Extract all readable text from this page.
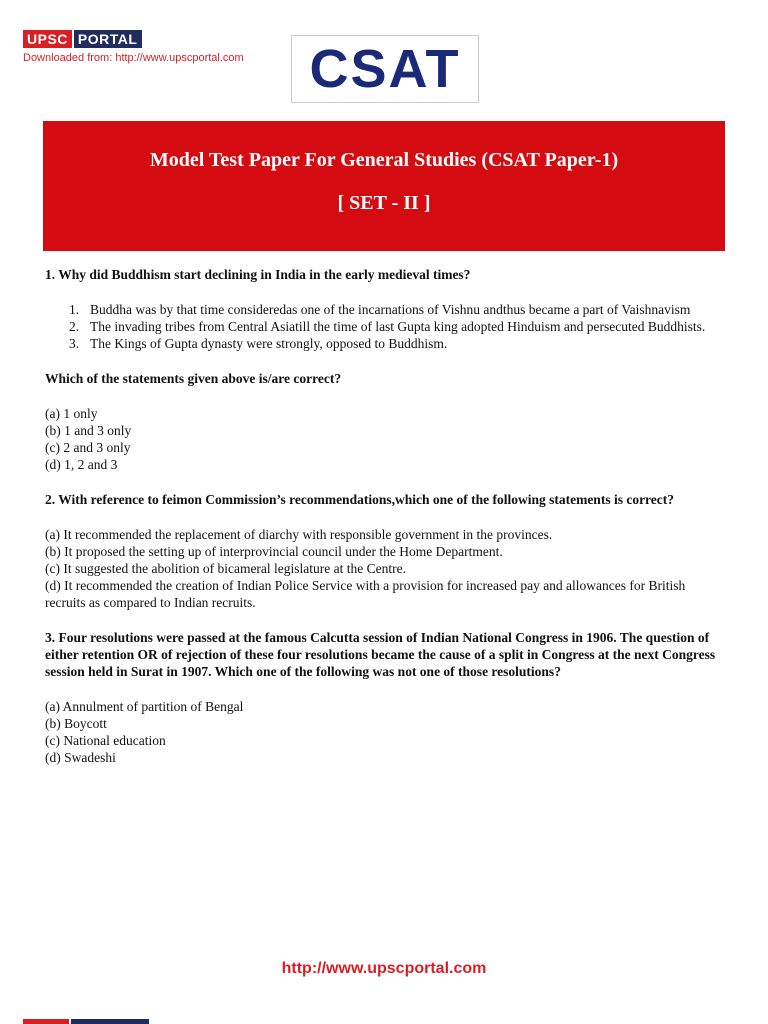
UPSC PORTAL
Downloaded from: http://www.upscportal.com CSAT
Model Test Paper For General Studies (CSAT Paper-1)
[ SET - II ]

1. Why did Buddhism start declining in India in the early medieval times?

1. Buddha was by that time consideredas one of the incarnations of Vishnu andthus became a part of Vaishnavism
2. The invading tribes from Central Asiatill the time of last Gupta king adopted Hinduism and persecuted Buddhists.
3. The Kings of Gupta dynasty were strongly, opposed to Buddhism.

Which of the statements given above is/are correct?

(a) 1 only
(b) 1 and 3 only
(c) 2 and 3 only
(d) 1, 2 and 3

2. With reference to feimon Commission’s recommendations,which one of the following statements is correct?

(a) It recommended the replacement of diarchy with responsible government in the provinces.
(b) It proposed the setting up of interprovincial council under the Home Department.
(c) It suggested the abolition of bicameral legislature at the Centre.
(d) It recommended the creation of Indian Police Service with a provision for increased pay and allowances for British recruits as compared to Indian recruits.

3. Four resolutions were passed at the famous Calcutta session of Indian National Congress in 1906. The question of either retention OR of rejection of these four resolutions became the cause of a split in Congress at the next Congress session held in Surat in 1907. Which one of the following was not one of those resolutions?

(a) Annulment of partition of Bengal
(b) Boycott
(c) National education
(d) Swadeshi
http://www.upscportal.com
